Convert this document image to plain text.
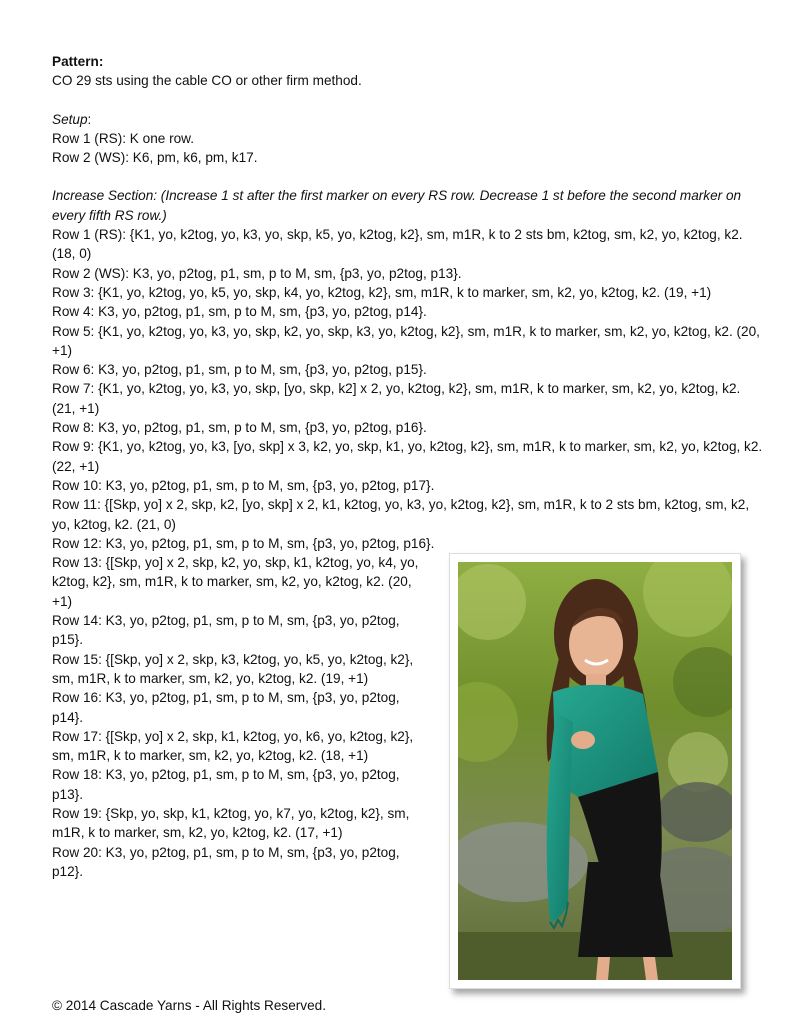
Pattern:

CO 29 sts using the cable CO or other firm method.

Setup:

Row 1 (RS): K one row.

Row 2 (WS): K6, pm, k6, pm, k17.

Increase Section: (Increase 1 st after the first marker on every RS row. Decrease 1 st before the second marker on every fifth RS row.)

Row 1 (RS): {K1, yo, k2tog, yo, k3, yo, skp, k5, yo, k2tog, k2}, sm, m1R, k to 2 sts bm, k2tog, sm, k2, yo, k2tog, k2. (18, 0)

Row 2 (WS): K3, yo, p2tog, p1, sm, p to M, sm, {p3, yo, p2tog, p13}.

Row 3: {K1, yo, k2tog, yo, k5, yo, skp, k4, yo, k2tog, k2}, sm, m1R, k to marker, sm, k2, yo, k2tog, k2. (19, +1)

Row 4: K3, yo, p2tog, p1, sm, p to M, sm, {p3, yo, p2tog, p14}.

Row 5: {K1, yo, k2tog, yo, k3, yo, skp, k2, yo, skp, k3, yo, k2tog, k2}, sm, m1R, k to marker, sm, k2, yo, k2tog, k2. (20, +1)

Row 6: K3, yo, p2tog, p1, sm, p to M, sm, {p3, yo, p2tog, p15}.

Row 7: {K1, yo, k2tog, yo, k3, yo, skp, [yo, skp, k2] x 2, yo, k2tog, k2}, sm, m1R, k to marker, sm, k2, yo, k2tog, k2. (21, +1)

Row 8: K3, yo, p2tog, p1, sm, p to M, sm, {p3, yo, p2tog, p16}.

Row 9: {K1, yo, k2tog, yo, k3, [yo, skp] x 3, k2, yo, skp, k1, yo, k2tog, k2}, sm, m1R, k to marker, sm, k2, yo, k2tog, k2. (22, +1)

Row 10: K3, yo, p2tog, p1, sm, p to M, sm, {p3, yo, p2tog, p17}.

Row 11: {[Skp, yo] x 2, skp, k2, [yo, skp] x 2, k1, k2tog, yo, k3, yo, k2tog, k2}, sm, m1R, k to 2 sts bm, k2tog, sm, k2, yo, k2tog, k2. (21, 0)

Row 12: K3, yo, p2tog, p1, sm, p to M, sm, {p3, yo, p2tog, p16}.

Row 13: {[Skp, yo] x 2, skp, k2, yo, skp, k1, k2tog, yo, k4, yo, k2tog, k2}, sm, m1R, k to marker, sm, k2, yo, k2tog, k2. (20, +1)

Row 14: K3, yo, p2tog, p1, sm, p to M, sm, {p3, yo, p2tog, p15}.

Row 15: {[Skp, yo] x 2, skp, k3, k2tog, yo, k5, yo, k2tog, k2}, sm, m1R, k to marker, sm, k2, yo, k2tog, k2. (19, +1)

Row 16: K3, yo, p2tog, p1, sm, p to M, sm, {p3, yo, p2tog, p14}.

Row 17: {[Skp, yo] x 2, skp, k1, k2tog, yo, k6, yo, k2tog, k2}, sm, m1R, k to marker, sm, k2, yo, k2tog, k2. (18, +1)

Row 18: K3, yo, p2tog, p1, sm, p to M, sm, {p3, yo, p2tog, p13}.

Row 19: {Skp, yo, skp, k1, k2tog, yo, k7, yo, k2tog, k2}, sm, m1R, k to marker, sm, k2, yo, k2tog, k2. (17, +1)

Row 20: K3, yo, p2tog, p1, sm, p to M, sm, {p3, yo, p2tog, p12}.

© 2014 Cascade Yarns - All Rights Reserved.
